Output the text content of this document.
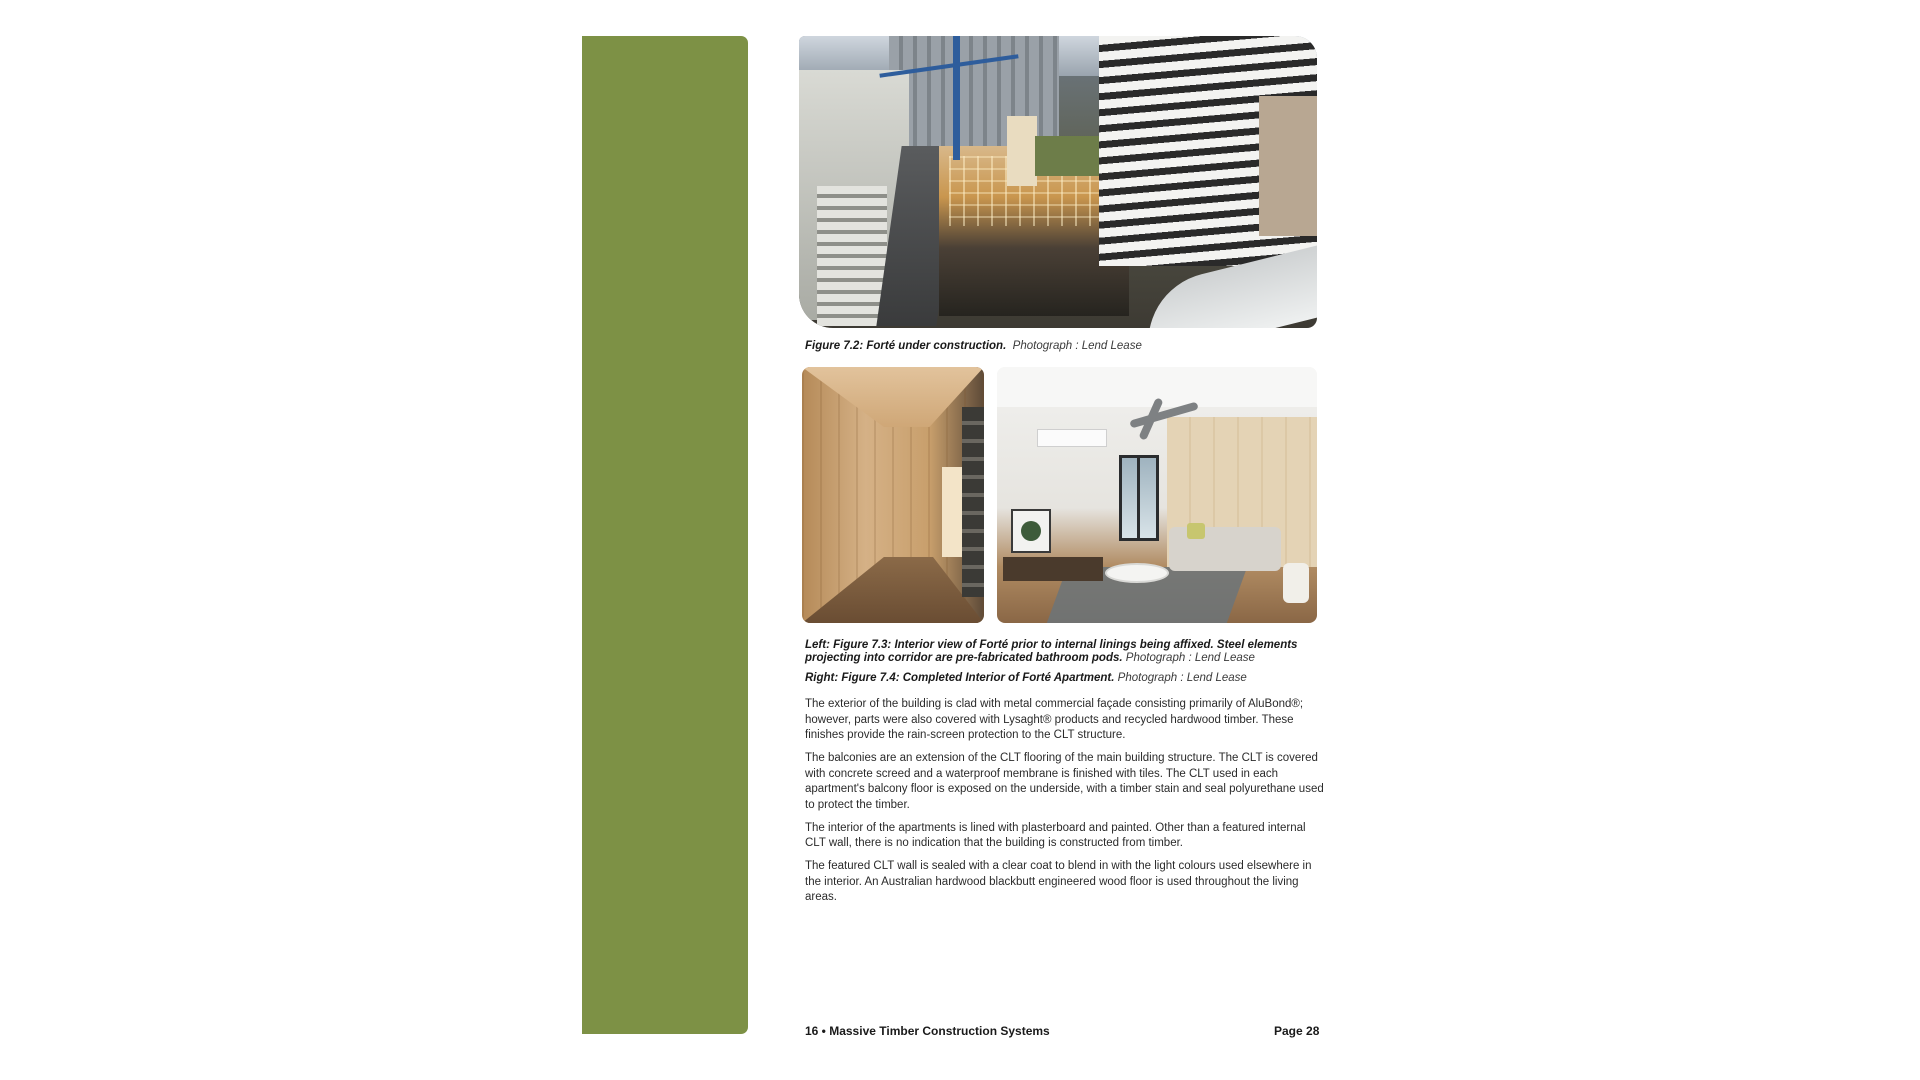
Figure 7.2: Forté under construction. Photograph : Lend Lease
Left: Figure 7.3: Interior view of Forté prior to internal linings being affixed. Steel elements projecting into corridor are pre-fabricated bathroom pods. Photograph : Lend Lease
Right: Figure 7.4: Completed Interior of Forté Apartment. Photograph : Lend Lease

The exterior of the building is clad with metal commercial façade consisting primarily of AluBond®; however, parts were also covered with Lysaght® products and recycled hardwood timber. These finishes provide the rain-screen protection to the CLT structure.

The balconies are an extension of the CLT flooring of the main building structure. The CLT is covered with concrete screed and a waterproof membrane is finished with tiles. The CLT used in each apartment's balcony floor is exposed on the underside, with a timber stain and seal polyurethane used to protect the timber.

The interior of the apartments is lined with plasterboard and painted. Other than a featured internal CLT wall, there is no indication that the building is constructed from timber.

The featured CLT wall is sealed with a clear coat to blend in with the light colours used elsewhere in the interior. An Australian hardwood blackbutt engineered wood floor is used throughout the living areas.

16 • Massive Timber Construction Systems	Page 28
